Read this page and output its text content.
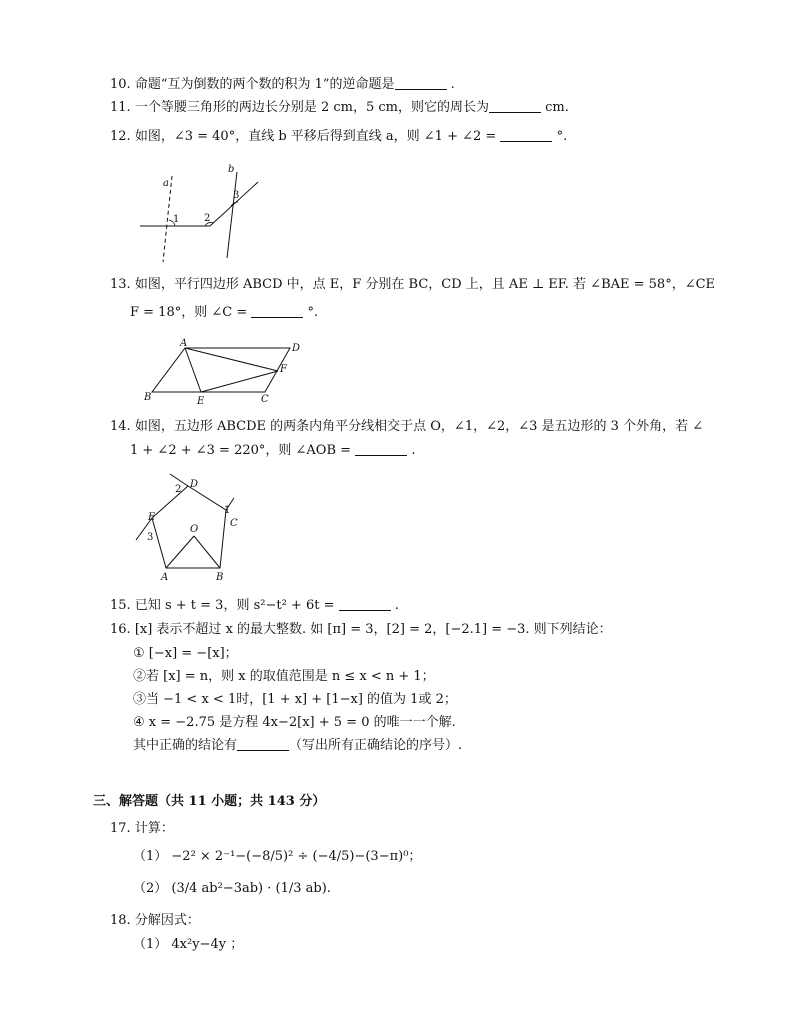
10. 命题“互为倒数的两个数的积为 1”的逆命题是	.
11. 一个等腰三角形的两边长分别是 2 cm，5 cm，则它的周长为	cm.
12. 如图，∠3 = 40°，直线 b 平移后得到直线 a，则 ∠1 + ∠2 =	°.
a
b
1 2
3
13. 如图，平行四边形 ABCD 中，点 E，F 分别在 BC，CD 上，且 AE ⊥ EF. 若 ∠BAE = 58°，∠CE
F = 18°，则 ∠C =	°.
A	D
B	E	C
F
14. 如图，五边形 ABCDE 的两条内角平分线相交于点 O，∠1，∠2，∠3 是五边形的 3 个外角，若 ∠
1 + ∠2 + ∠3 = 220°，则 ∠AOB =	.
D
2
1
C
E
3
O
A	B
15. 已知 s + t = 3，则 s²−t² + 6t =	.
16. [x] 表示不超过 x 的最大整数. 如 [π] = 3，[2] = 2，[−2.1] = −3. 则下列结论：
① [−x] = −[x]；
②若 [x] = n，则 x 的取值范围是 n ≤ x < n + 1；
③当 −1 < x < 1时，[1 + x] + [1−x] 的值为 1或 2；
④ x = −2.75 是方程 4x−2[x] + 5 = 0 的唯一一个解.
其中正确的结论有	（写出所有正确结论的序号）.
三、解答题（共 11 小题；共 143 分）
17. 计算：
（1） −2² × 2⁻¹−(−8/5)² ÷ (−4/5)−(3−π)⁰；
（2） (3/4 ab²−3ab) · (1/3 ab).
18. 分解因式：
（1） 4x²y−4y ；
